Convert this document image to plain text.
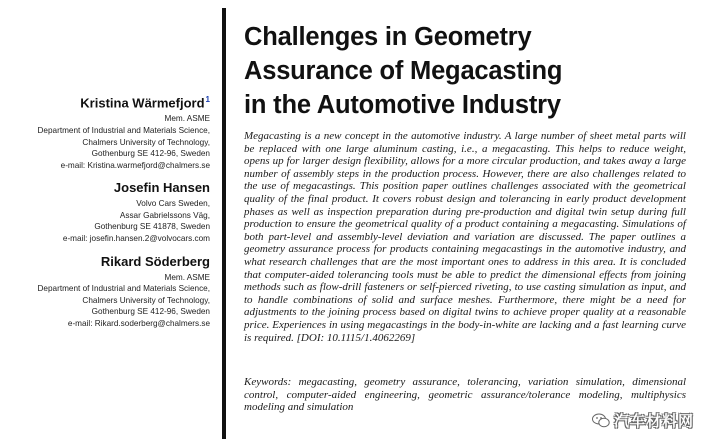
Kristina Wärmefjord$^1$
Mem. ASME
Department of Industrial and Materials Science,
Chalmers University of Technology,
Gothenburg SE 412-96, Sweden
e-mail: Kristina.warmefjord@chalmers.se
Josefin Hansen
Volvo Cars Sweden,
Assar Gabrielssons Väg,
Gothenburg SE 41878, Sweden
e-mail: josefin.hansen.2@volvocars.com
Rikard Söderberg
Mem. ASME
Department of Industrial and Materials Science,
Chalmers University of Technology,
Gothenburg SE 412-96, Sweden
e-mail: Rikard.soderberg@chalmers.se
Challenges in Geometry
Assurance of Megacasting
in the Automotive Industry

Megacasting is a new concept in the automotive industry. A large number of sheet metal parts will be replaced with one large aluminum casting, i.e., a megacasting. This helps to reduce weight, opens up for larger design flexibility, allows for a more circular production, and takes away a large number of assembly steps in the production process. However, there are also challenges related to the use of megacastings. This position paper outlines challenges associated with the geometrical quality of the final product. It covers robust design and tolerancing in early product development phases as well as inspection preparation during pre-production and digital twin setup during full production to ensure the geometrical quality of a product containing a megacasting. Simulations of both part-level and assembly-level deviation and variation are discussed. The paper outlines a geometry assurance process for products containing megacastings in the automotive industry, and what research challenges that are the most important ones to address in this area. It is concluded that computer-aided tolerancing tools must be able to predict the dimensional effects from joining methods such as flow-drill fasteners or self-pierced riveting, to use casting simulation as input, and to handle combinations of solid and surface meshes. Furthermore, there might be a need for adjustments to the joining process based on digital twins to achieve proper quality at a reasonable price. Experiences in using megacastings in the body-in-white are lacking and a fast learning curve is required. [DOI: 10.1115/1.4062269]

Keywords: megacasting, geometry assurance, tolerancing, variation simulation, dimensional control, computer-aided engineering, geometric assurance/tolerance modeling, multiphysics modeling and simulation

汽车材料网
